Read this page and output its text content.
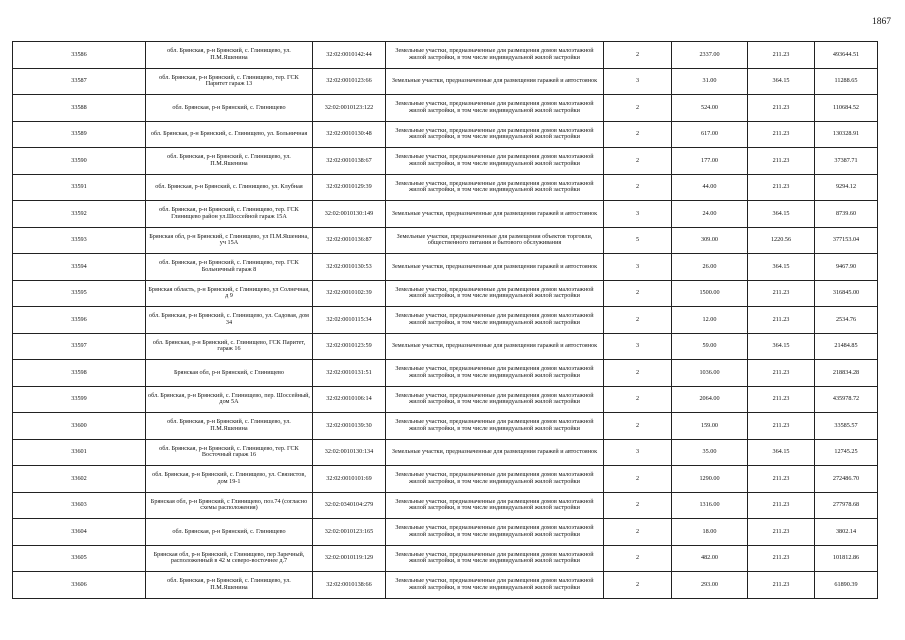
1867
33586	обл. Брянская, р-н Брянский, с. Глинищево, ул. П.М.Яшенина	32:02:0010142:44	Земельные участки, предназначенные для размещения домов малоэтажной жилой застройки, в том числе индивидуальной жилой застройки	2	2337.00	211.23	493644.51
33587	обл. Брянская, р-н Брянский, с. Глинищево, тер. ГСК Паритет гараж 13	32:02:0010123:66	Земельные участки, предназначенные для размещения гаражей и автостоянок	3	31.00	364.15	11288.65
33588	обл. Брянская, р-н Брянский, с. Глинищево	32:02:0010123:122	Земельные участки, предназначенные для размещения домов малоэтажной жилой застройки, в том числе индивидуальной жилой застройки	2	524.00	211.23	110684.52
33589	обл. Брянская, р-н Брянский, с. Глинищево, ул. Больничная	32:02:0010130:48	Земельные участки, предназначенные для размещения домов малоэтажной жилой застройки, в том числе индивидуальной жилой застройки	2	617.00	211.23	130328.91
33590	обл. Брянская, р-н Брянский, с. Глинищево, ул. П.М.Яшенина	32:02:0010138:67	Земельные участки, предназначенные для размещения домов малоэтажной жилой застройки, в том числе индивидуальной жилой застройки	2	177.00	211.23	37387.71
33591	обл. Брянская, р-н Брянский, с. Глинищево, ул. Клубная	32:02:0010129:39	Земельные участки, предназначенные для размещения домов малоэтажной жилой застройки, в том числе индивидуальной жилой застройки	2	44.00	211.23	9294.12
33592	обл. Брянская, р-н Брянский, с. Глинищево, тер. ГСК Глинищево район ул.Шоссейной гараж 15А	32:02:0010130:149	Земельные участки, предназначенные для размещения гаражей и автостоянок	3	24.00	364.15	8739.60
33593	Брянская обл, р-н Брянский, с Глинищево, ул П.М.Яшенина, уч 15А	32:02:0010136:87	Земельные участки, предназначенные для размещения объектов торговли, общественного питания и бытового обслуживания	5	309.00	1220.56	377153.04
33594	обл. Брянская, р-н Брянский, с. Глинищево, тер. ГСК Больничный гараж 8	32:02:0010130:53	Земельные участки, предназначенные для размещения гаражей и автостоянок	3	26.00	364.15	9467.90
33595	Брянская область, р-н Брянский, с Глинищево, ул Солнечная, д 9	32:02:0010102:39	Земельные участки, предназначенные для размещения домов малоэтажной жилой застройки, в том числе индивидуальной жилой застройки	2	1500.00	211.23	316845.00
33596	обл. Брянская, р-н Брянский, с. Глинищево, ул. Садовая, дом 34	32:02:0010115:34	Земельные участки, предназначенные для размещения домов малоэтажной жилой застройки, в том числе индивидуальной жилой застройки	2	12.00	211.23	2534.76
33597	обл. Брянская, р-н Брянский, с. Глинищево, ГСК Паритет, гараж 16	32:02:0010123:59	Земельные участки, предназначенные для размещения гаражей и автостоянок	3	59.00	364.15	21484.85
33598	Брянская обл, р-н Брянский, с Глинищево	32:02:0010131:51	Земельные участки, предназначенные для размещения домов малоэтажной жилой застройки, в том числе индивидуальной жилой застройки	2	1036.00	211.23	218834.28
33599	обл. Брянская, р-н Брянский, с. Глинищево, пер. Шоссейный, дом 5А	32:02:0010106:14	Земельные участки, предназначенные для размещения домов малоэтажной жилой застройки, в том числе индивидуальной жилой застройки	2	2064.00	211.23	435978.72
33600	обл. Брянская, р-н Брянский, с. Глинищево, ул. П.М.Яшенина	32:02:0010139:30	Земельные участки, предназначенные для размещения домов малоэтажной жилой застройки, в том числе индивидуальной жилой застройки	2	159.00	211.23	33585.57
33601	обл. Брянская, р-н Брянский, с. Глинищево, тер. ГСК Восточный гараж 16	32:02:0010130:134	Земельные участки, предназначенные для размещения гаражей и автостоянок	3	35.00	364.15	12745.25
33602	обл. Брянская, р-н Брянский, с. Глинищево, ул. Связистов, дом 19-1	32:02:0010101:69	Земельные участки, предназначенные для размещения домов малоэтажной жилой застройки, в том числе индивидуальной жилой застройки	2	1290.00	211.23	272486.70
33603	Брянская обл, р-н Брянский, с Глинищево, поз.74 (согласно схемы расположения)	32:02:0340104:279	Земельные участки, предназначенные для размещения домов малоэтажной жилой застройки, в том числе индивидуальной жилой застройки	2	1316.00	211.23	277978.68
33604	обл. Брянская, р-н Брянский, с. Глинищево	32:02:0010123:165	Земельные участки, предназначенные для размещения домов малоэтажной жилой застройки, в том числе индивидуальной жилой застройки	2	18.00	211.23	3802.14
33605	Брянская обл, р-н Брянский, с Глинищево, пер Заречный, расположенный в 42 м северо-восточнее д.7	32:02:0010119:129	Земельные участки, предназначенные для размещения домов малоэтажной жилой застройки, в том числе индивидуальной жилой застройки	2	482.00	211.23	101812.86
33606	обл. Брянская, р-н Брянский, с. Глинищево, ул. П.М.Яшенина	32:02:0010138:66	Земельные участки, предназначенные для размещения домов малоэтажной жилой застройки, в том числе индивидуальной жилой застройки	2	293.00	211.23	61890.39
